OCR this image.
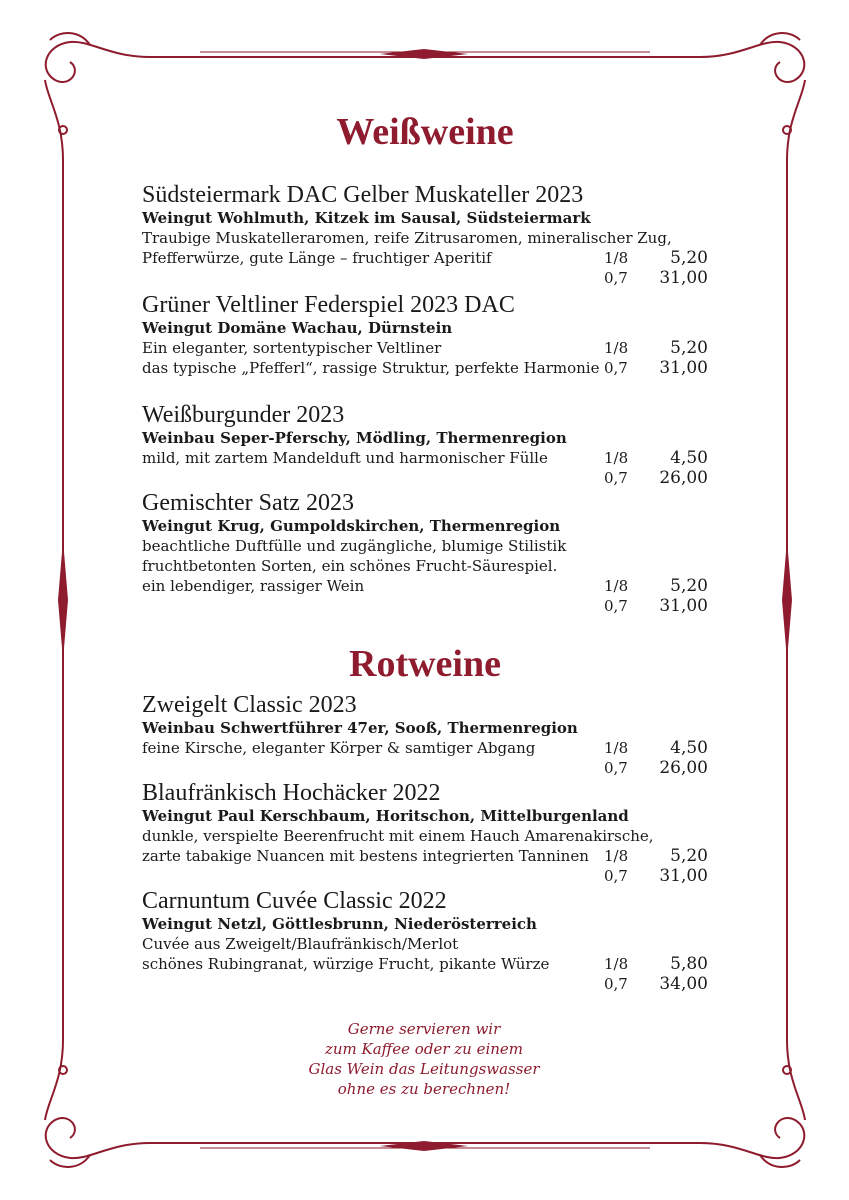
Weißweine
Südsteiermark DAC Gelber Muskateller 2023
Weingut Wohlmuth, Kitzek im Sausal, Südsteiermark
Traubige Muskatelleraromen, reife Zitrusaromen, mineralischer Zug,
Pfefferwürze, gute Länge – fruchtiger Aperitif	1/8	5,20
0,7	31,00
Grüner Veltliner Federspiel 2023 DAC
Weingut Domäne Wachau, Dürnstein
Ein eleganter, sortentypischer Veltliner	1/8	5,20
das typische „Pfefferl“, rassige Struktur, perfekte Harmonie 0,7	31,00
Weißburgunder 2023
Weinbau Seper-Pferschy, Mödling, Thermenregion
mild, mit zartem Mandelduft und harmonischer Fülle	1/8	4,50
0,7	26,00
Gemischter Satz 2023
Weingut Krug, Gumpoldskirchen, Thermenregion
beachtliche Duftfülle und zugängliche, blumige Stilistik
fruchtbetonten Sorten, ein schönes Frucht-Säurespiel.
ein lebendiger, rassiger Wein	1/8	5,20
0,7	31,00
Rotweine
Zweigelt Classic 2023
Weinbau Schwertführer 47er, Sooß, Thermenregion
feine Kirsche, eleganter Körper & samtiger Abgang	1/8	4,50
0,7	26,00
Blaufränkisch Hochäcker 2022
Weingut Paul Kerschbaum, Horitschon, Mittelburgenland
dunkle, verspielte Beerenfrucht mit einem Hauch Amarenakirsche,
zarte tabakige Nuancen mit bestens integrierten Tanninen	1/8	5,20
0,7	31,00
Carnuntum Cuvée Classic 2022
Weingut Netzl, Göttlesbrunn, Niederösterreich
Cuvée aus Zweigelt/Blaufränkisch/Merlot
schönes Rubingranat, würzige Frucht, pikante Würze	1/8	5,80
0,7	34,00
Gerne servieren wir
zum Kaffee oder zu einem
Glas Wein das Leitungswasser
ohne es zu berechnen!
